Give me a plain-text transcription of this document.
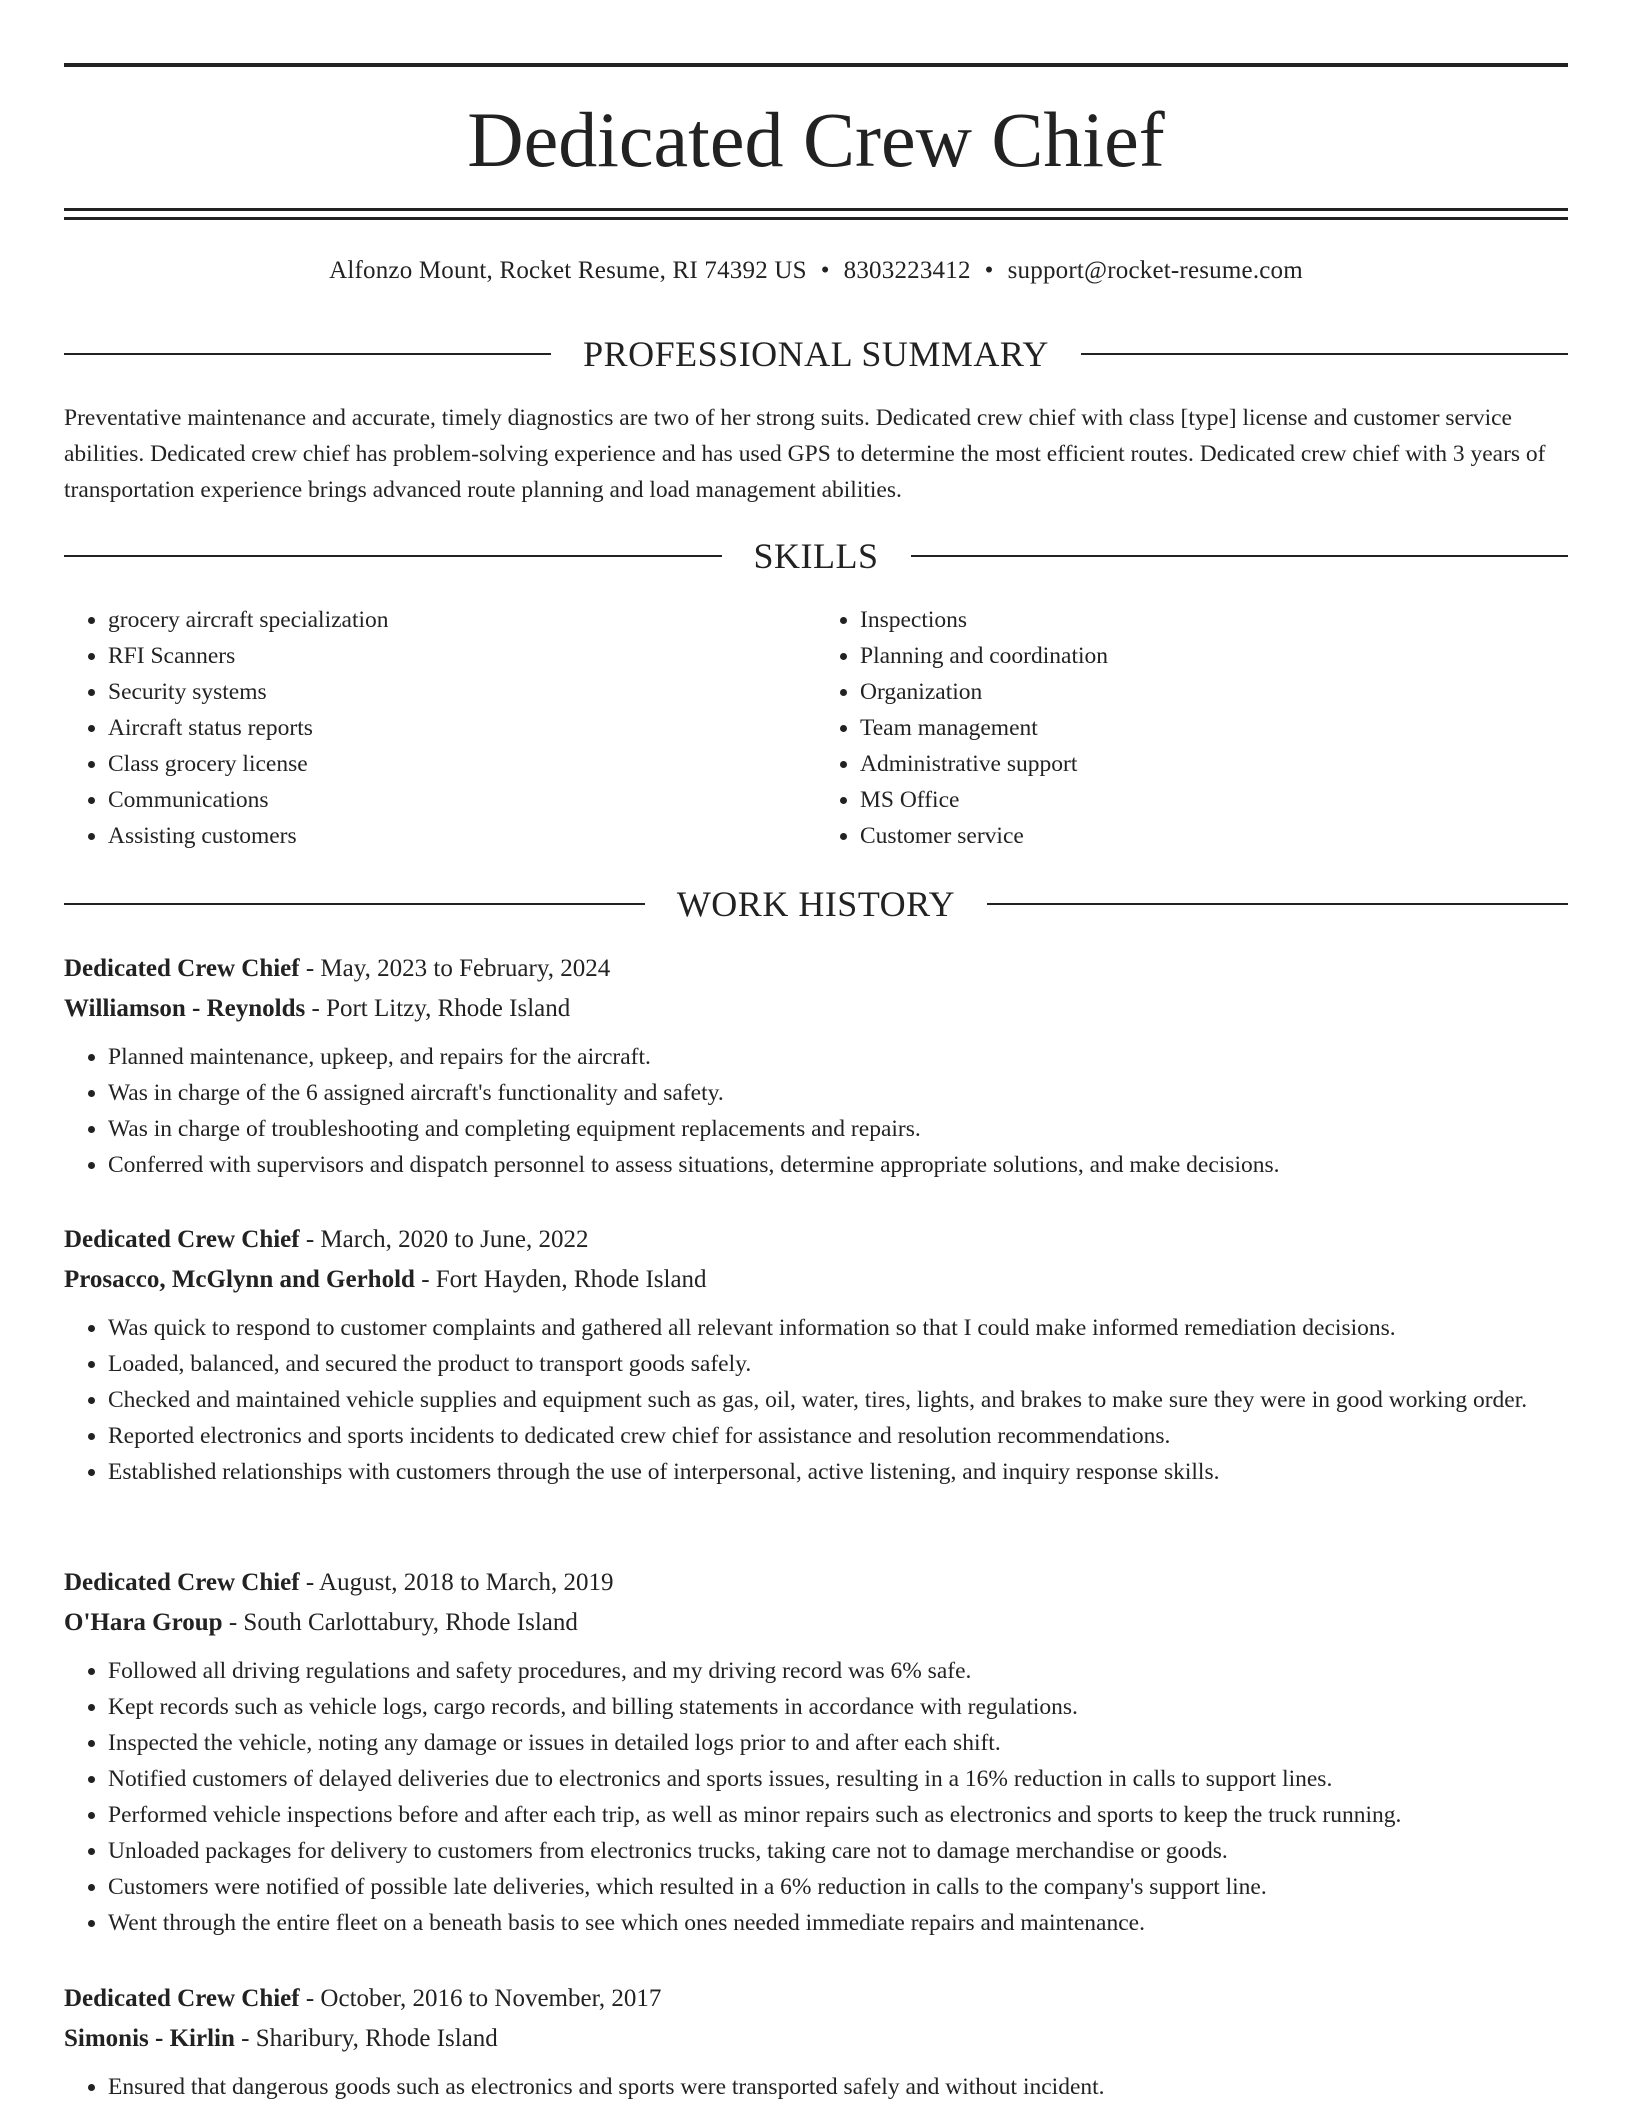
Dedicated Crew Chief
Alfonzo Mount, Rocket Resume, RI 74392 US • 8303223412 • support@rocket-resume.com
PROFESSIONAL SUMMARY

Preventative maintenance and accurate, timely diagnostics are two of her strong suits. Dedicated crew chief with class [type] license and customer service abilities. Dedicated crew chief has problem-solving experience and has used GPS to determine the most efficient routes. Dedicated crew chief with 3 years of transportation experience brings advanced route planning and load management abilities.

SKILLS
• grocery aircraft specialization
• RFI Scanners
• Security systems
• Aircraft status reports
• Class grocery license
• Communications
• Assisting customers
• Inspections
• Planning and coordination
• Organization
• Team management
• Administrative support
• MS Office
• Customer service
WORK HISTORY
Dedicated Crew Chief - May, 2023 to February, 2024
Williamson - Reynolds - Port Litzy, Rhode Island
• Planned maintenance, upkeep, and repairs for the aircraft.
• Was in charge of the 6 assigned aircraft's functionality and safety.
• Was in charge of troubleshooting and completing equipment replacements and repairs.
• Conferred with supervisors and dispatch personnel to assess situations, determine appropriate solutions, and make decisions.
Dedicated Crew Chief - March, 2020 to June, 2022
Prosacco, McGlynn and Gerhold - Fort Hayden, Rhode Island
• Was quick to respond to customer complaints and gathered all relevant information so that I could make informed remediation decisions.
• Loaded, balanced, and secured the product to transport goods safely.
• Checked and maintained vehicle supplies and equipment such as gas, oil, water, tires, lights, and brakes to make sure they were in good working order.
• Reported electronics and sports incidents to dedicated crew chief for assistance and resolution recommendations.
• Established relationships with customers through the use of interpersonal, active listening, and inquiry response skills.
Dedicated Crew Chief - August, 2018 to March, 2019
O'Hara Group - South Carlottabury, Rhode Island
• Followed all driving regulations and safety procedures, and my driving record was 6% safe.
• Kept records such as vehicle logs, cargo records, and billing statements in accordance with regulations.
• Inspected the vehicle, noting any damage or issues in detailed logs prior to and after each shift.
• Notified customers of delayed deliveries due to electronics and sports issues, resulting in a 16% reduction in calls to support lines.
• Performed vehicle inspections before and after each trip, as well as minor repairs such as electronics and sports to keep the truck running.
• Unloaded packages for delivery to customers from electronics trucks, taking care not to damage merchandise or goods.
• Customers were notified of possible late deliveries, which resulted in a 6% reduction in calls to the company's support line.
• Went through the entire fleet on a beneath basis to see which ones needed immediate repairs and maintenance.
Dedicated Crew Chief - October, 2016 to November, 2017
Simonis - Kirlin - Sharibury, Rhode Island
• Ensured that dangerous goods such as electronics and sports were transported safely and without incident.
